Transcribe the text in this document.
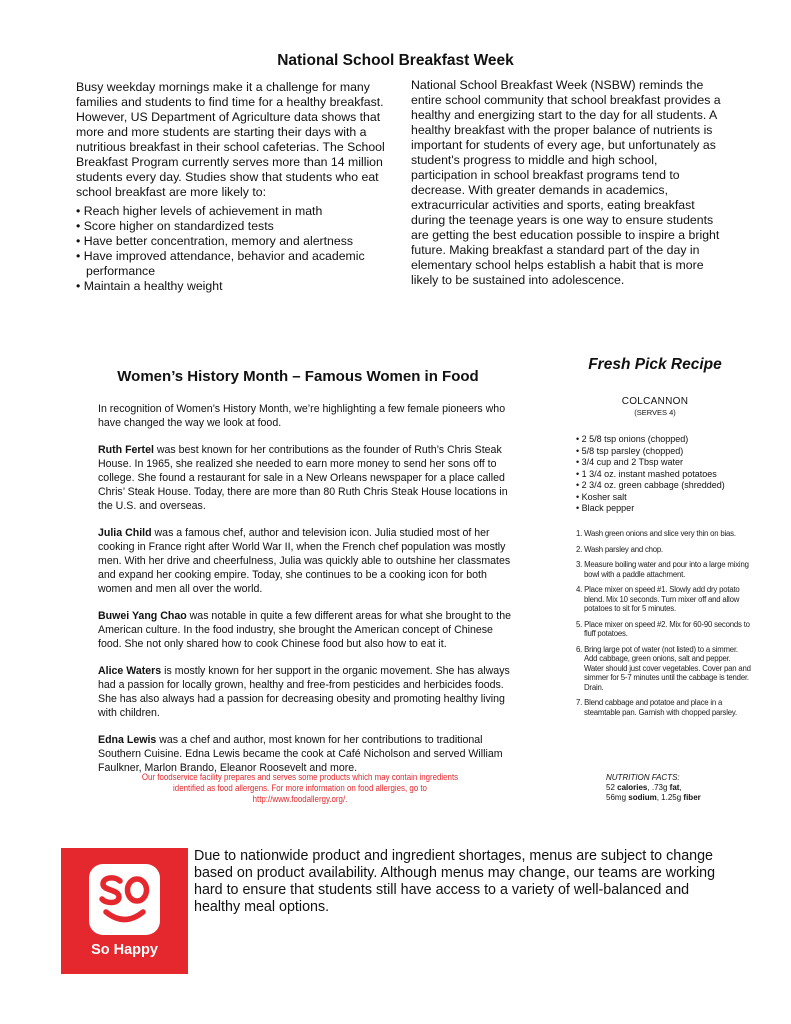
National School Breakfast Week

Busy weekday mornings make it a challenge for many families and students to find time for a healthy breakfast. However, US Department of Agriculture data shows that more and more students are starting their days with a nutritious breakfast in their school cafeterias. The School Breakfast Program currently serves more than 14 million students every day. Studies show that students who eat school breakfast are more likely to:

• Reach higher levels of achievement in math
• Score higher on standardized tests
• Have better concentration, memory and alertness
• Have improved attendance, behavior and academic performance
• Maintain a healthy weight

National School Breakfast Week (NSBW) reminds the entire school community that school breakfast provides a healthy and energizing start to the day for all students. A healthy breakfast with the proper balance of nutrients is important for students of every age, but unfortunately as student's progress to middle and high school, participation in school breakfast programs tend to decrease. With greater demands in academics, extracurricular activities and sports, eating breakfast during the teenage years is one way to ensure students are getting the best education possible to inspire a bright future. Making breakfast a standard part of the day in elementary school helps establish a habit that is more likely to be sustained into adolescence.

Women’s History Month – Famous Women in Food

In recognition of Women’s History Month, we’re highlighting a few female pioneers who have changed the way we look at food.

Ruth Fertel was best known for her contributions as the founder of Ruth’s Chris Steak House. In 1965, she realized she needed to earn more money to send her sons off to college. She found a restaurant for sale in a New Orleans newspaper for a place called Chris’ Steak House. Today, there are more than 80 Ruth Chris Steak House locations in the U.S. and overseas.

Julia Child was a famous chef, author and television icon. Julia studied most of her cooking in France right after World War II, when the French chef population was mostly men. With her drive and cheerfulness, Julia was quickly able to outshine her classmates and expand her cooking empire. Today, she continues to be a cooking icon for both women and men all over the world.

Buwei Yang Chao was notable in quite a few different areas for what she brought to the American culture. In the food industry, she brought the American concept of Chinese food. She not only shared how to cook Chinese food but also how to eat it.

Alice Waters is mostly known for her support in the organic movement. She has always had a passion for locally grown, healthy and free-from pesticides and herbicides foods. She has also always had a passion for decreasing obesity and promoting healthy living with children.

Edna Lewis was a chef and author, most known for her contributions to traditional Southern Cuisine. Edna Lewis became the cook at Café Nicholson and served William Faulkner, Marlon Brando, Eleanor Roosevelt and more.

Fresh Pick Recipe
COLCANNON
(SERVES 4)
• 2 5/8 tsp onions (chopped)
• 5/8 tsp parsley (chopped)
• 3/4 cup and 2 Tbsp water
• 1 3/4 oz. instant mashed potatoes
• 2 3/4 oz. green cabbage (shredded)
• Kosher salt
• Black pepper
1. Wash green onions and slice very thin on bias.
2. Wash parsley and chop.
3. Measure boiling water and pour into a large mixing bowl with a paddle attachment.
4. Place mixer on speed #1. Slowly add dry potato blend. Mix 10 seconds. Turn mixer off and allow potatoes to sit for 5 minutes.
5. Place mixer on speed #2. Mix for 60-90 seconds to fluff potatoes.
6. Bring large pot of water (not listed) to a simmer. Add cabbage, green onions, salt and pepper. Water should just cover vegetables. Cover pan and simmer for 5-7 minutes until the cabbage is tender. Drain.
7. Blend cabbage and potatoe and place in a steamtable pan. Garnish with chopped parsley.
Our foodservice facility prepares and serves some products which may contain ingredients identified as food allergens. For more information on food allergies, go to http://www.foodallergy.org/.
NUTRITION FACTS:
52 calories, .73g fat,
56mg sodium, 1.25g fiber
So Happy
Due to nationwide product and ingredient shortages, menus are subject to change based on product availability. Although menus may change, our teams are working hard to ensure that students still have access to a variety of well-balanced and healthy meal options.
